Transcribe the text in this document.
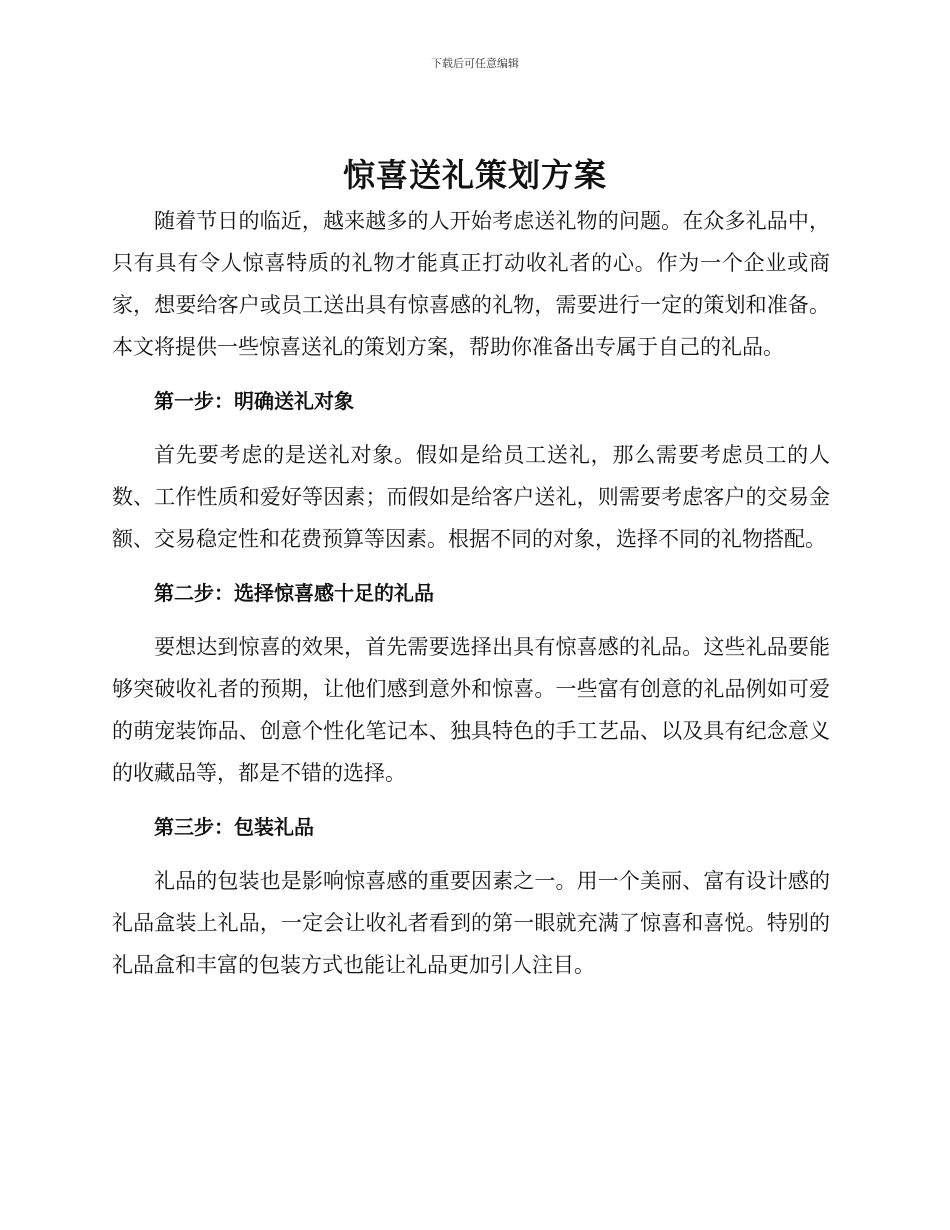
下载后可任意编辑
惊喜送礼策划方案

随着节日的临近，越来越多的人开始考虑送礼物的问题。在众多礼品中，只有具有令人惊喜特质的礼物才能真正打动收礼者的心。作为一个企业或商家，想要给客户或员工送出具有惊喜感的礼物，需要进行一定的策划和准备。本文将提供一些惊喜送礼的策划方案，帮助你准备出专属于自己的礼品。

第一步：明确送礼对象

首先要考虑的是送礼对象。假如是给员工送礼，那么需要考虑员工的人数、工作性质和爱好等因素；而假如是给客户送礼，则需要考虑客户的交易金额、交易稳定性和花费预算等因素。根据不同的对象，选择不同的礼物搭配。

第二步：选择惊喜感十足的礼品

要想达到惊喜的效果，首先需要选择出具有惊喜感的礼品。这些礼品要能够突破收礼者的预期，让他们感到意外和惊喜。一些富有创意的礼品例如可爱的萌宠装饰品、创意个性化笔记本、独具特色的手工艺品、以及具有纪念意义的收藏品等，都是不错的选择。

第三步：包装礼品

礼品的包装也是影响惊喜感的重要因素之一。用一个美丽、富有设计感的礼品盒装上礼品，一定会让收礼者看到的第一眼就充满了惊喜和喜悦。特别的礼品盒和丰富的包装方式也能让礼品更加引人注目。
